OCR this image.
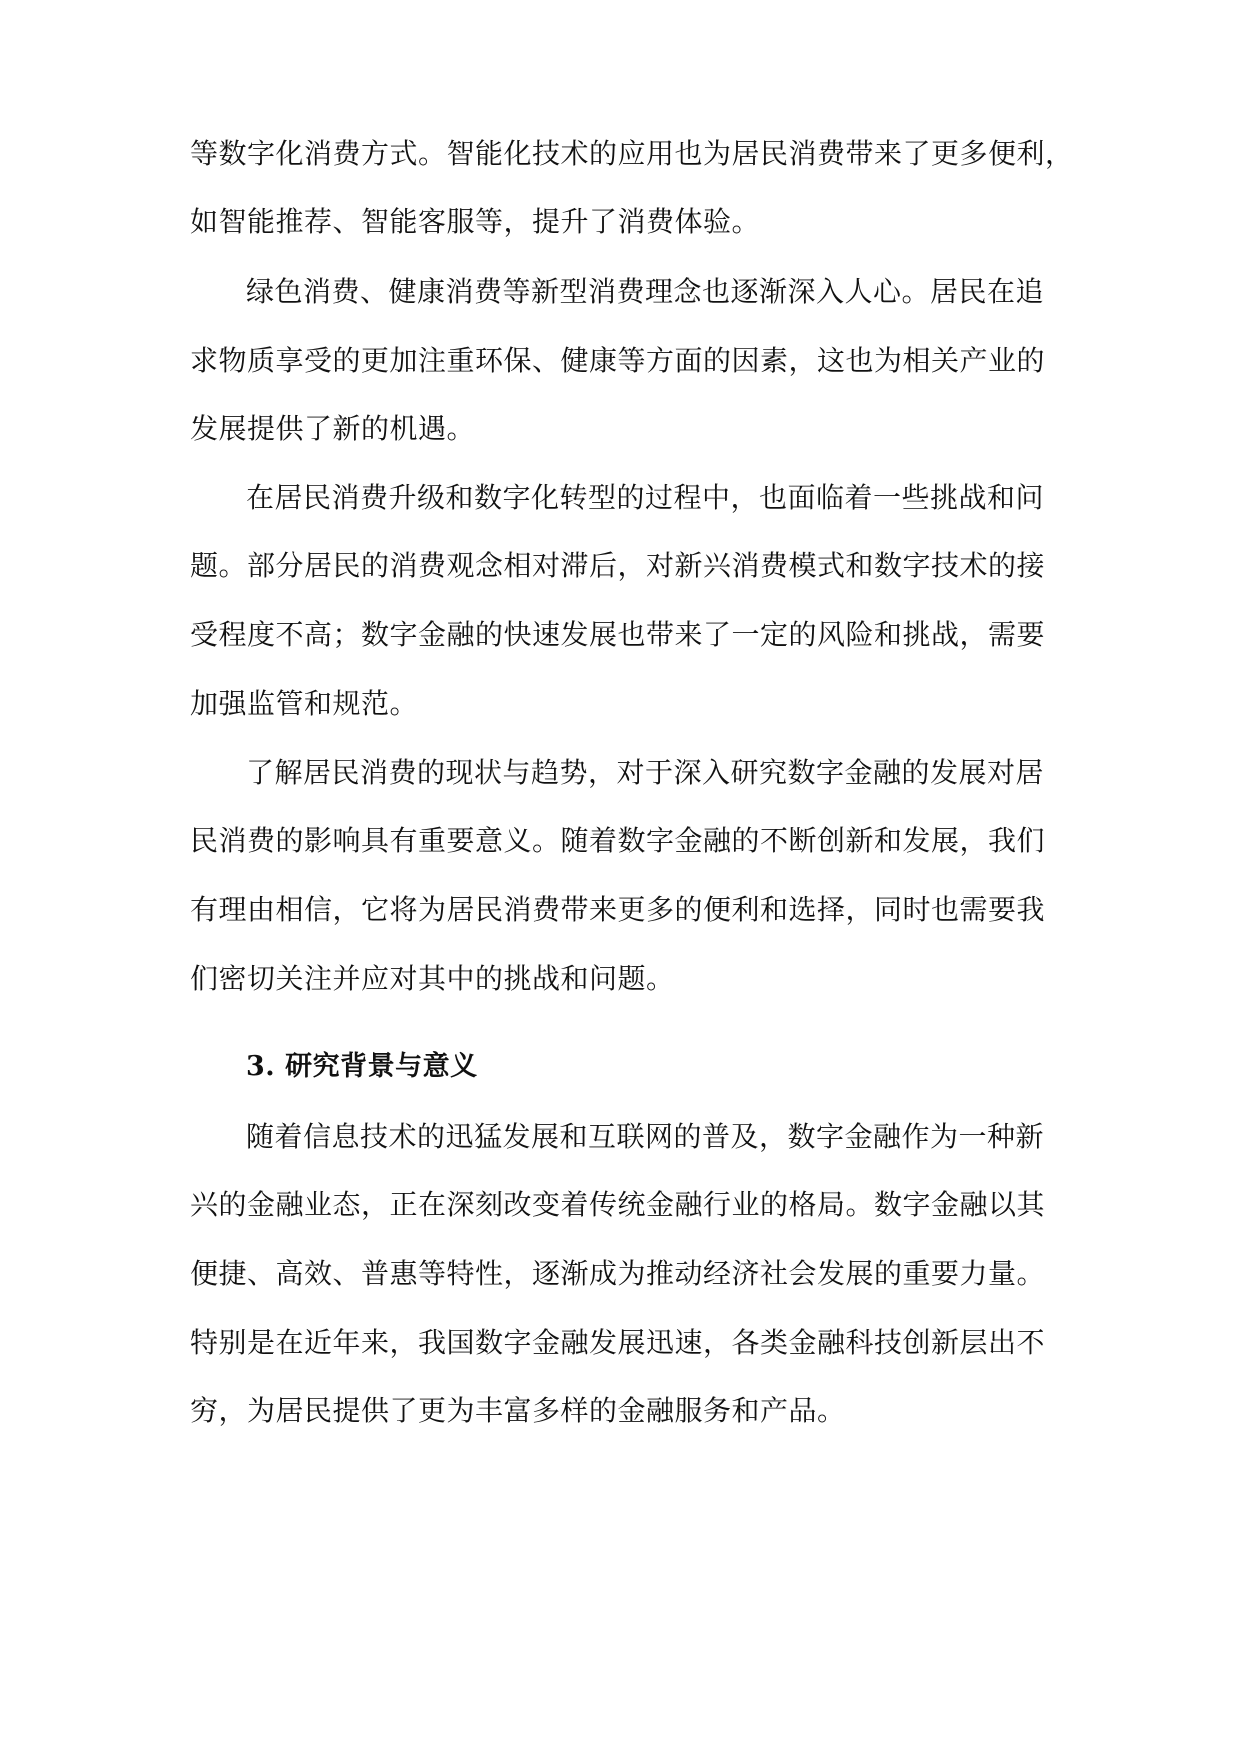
等数字化消费方式。智能化技术的应用也为居民消费带来了更多便利，

如智能推荐、智能客服等，提升了消费体验。

绿色消费、健康消费等新型消费理念也逐渐深入人心。居民在追

求物质享受的更加注重环保、健康等方面的因素，这也为相关产业的

发展提供了新的机遇。

在居民消费升级和数字化转型的过程中，也面临着一些挑战和问

题。部分居民的消费观念相对滞后，对新兴消费模式和数字技术的接

受程度不高；数字金融的快速发展也带来了一定的风险和挑战，需要

加强监管和规范。

了解居民消费的现状与趋势，对于深入研究数字金融的发展对居

民消费的影响具有重要意义。随着数字金融的不断创新和发展，我们

有理由相信，它将为居民消费带来更多的便利和选择，同时也需要我

们密切关注并应对其中的挑战和问题。

3. 研究背景与意义

随着信息技术的迅猛发展和互联网的普及，数字金融作为一种新

兴的金融业态，正在深刻改变着传统金融行业的格局。数字金融以其

便捷、高效、普惠等特性，逐渐成为推动经济社会发展的重要力量。

特别是在近年来，我国数字金融发展迅速，各类金融科技创新层出不

穷，为居民提供了更为丰富多样的金融服务和产品。
